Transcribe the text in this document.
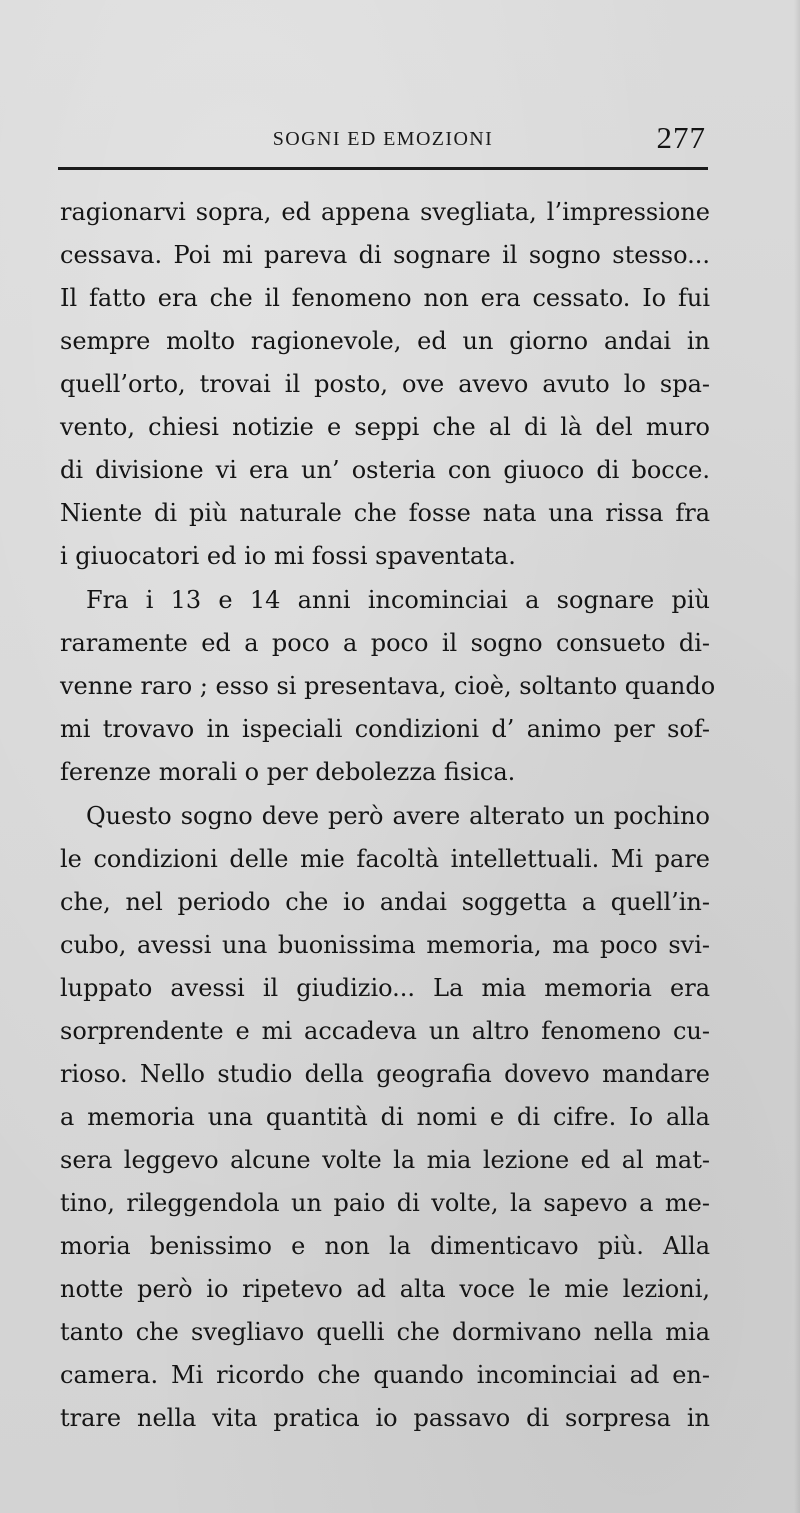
SOGNI ED EMOZIONI	277
ragionarvi sopra, ed appena svegliata, l’impressione
cessava. Poi mi pareva di sognare il sogno stesso...
Il fatto era che il fenomeno non era cessato. Io fui
sempre molto ragionevole, ed un giorno andai in
quell’orto, trovai il posto, ove avevo avuto lo spa-
vento, chiesi notizie e seppi che al di là del muro
di divisione vi era un’ osteria con giuoco di bocce.
Niente di più naturale che fosse nata una rissa fra
i giuocatori ed io mi fossi spaventata.
Fra i 13 e 14 anni incominciai a sognare più
raramente ed a poco a poco il sogno consueto di-
venne raro ; esso si presentava, cioè, soltanto quando
mi trovavo in ispeciali condizioni d’ animo per sof-
ferenze morali o per debolezza fisica.
Questo sogno deve però avere alterato un pochino
le condizioni delle mie facoltà intellettuali. Mi pare
che, nel periodo che io andai soggetta a quell’in-
cubo, avessi una buonissima memoria, ma poco svi-
luppato avessi il giudizio... La mia memoria era
sorprendente e mi accadeva un altro fenomeno cu-
rioso. Nello studio della geografia dovevo mandare
a memoria una quantità di nomi e di cifre. Io alla
sera leggevo alcune volte la mia lezione ed al mat-
tino, rileggendola un paio di volte, la sapevo a me-
moria benissimo e non la dimenticavo più. Alla
notte però io ripetevo ad alta voce le mie lezioni,
tanto che svegliavo quelli che dormivano nella mia
camera. Mi ricordo che quando incominciai ad en-
trare nella vita pratica io passavo di sorpresa in
